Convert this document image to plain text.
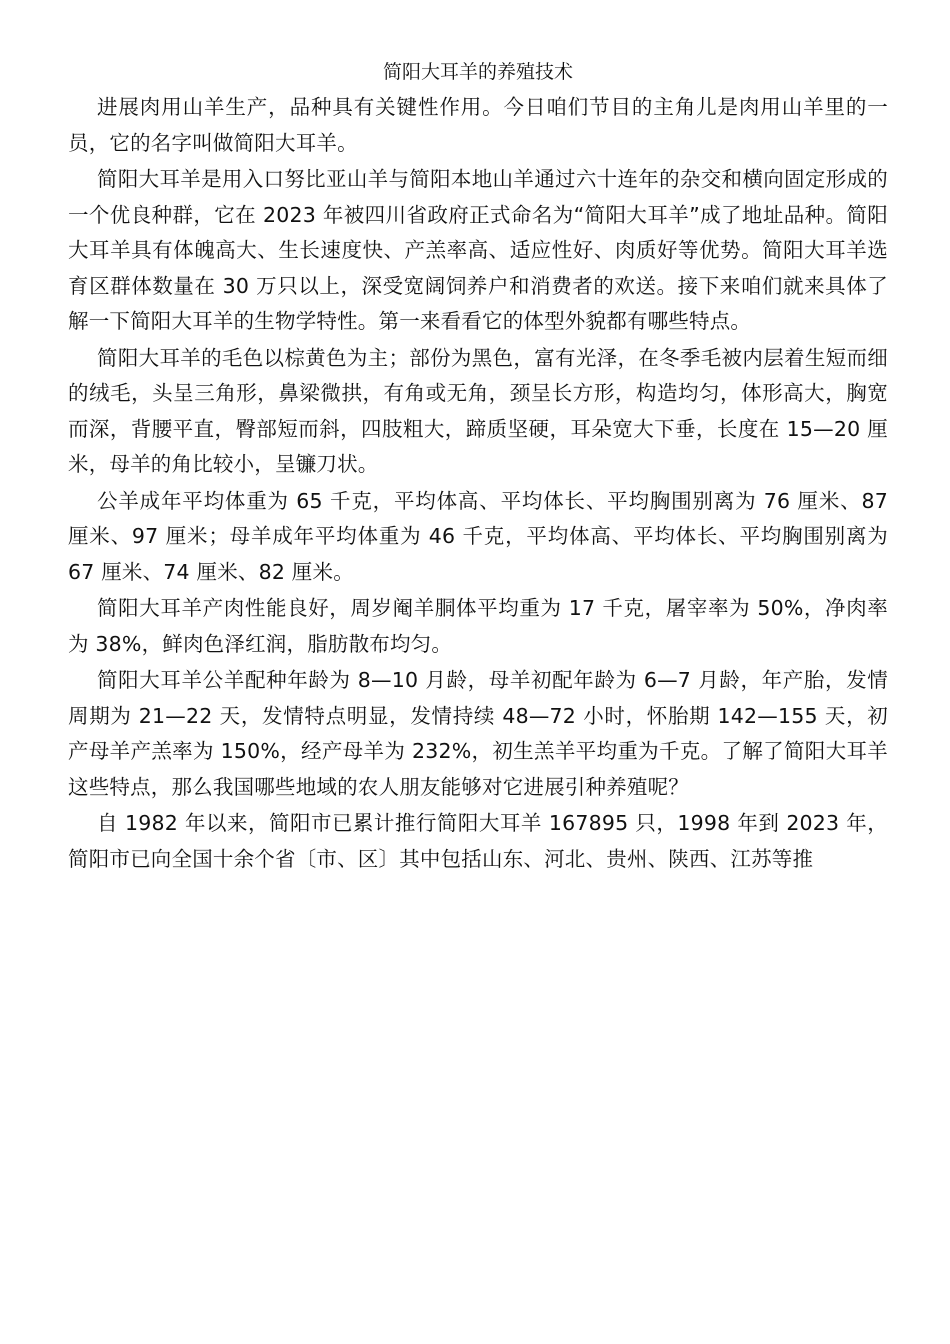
简阳大耳羊的养殖技术

进展肉用山羊生产，品种具有关键性作用。今日咱们节目的主角儿是肉用山羊里的一员，它的名字叫做简阳大耳羊。

简阳大耳羊是用入口努比亚山羊与简阳本地山羊通过六十连年的杂交和横向固定形成的一个优良种群，它在 2023 年被四川省政府正式命名为“简阳大耳羊”成了地址品种。简阳大耳羊具有体魄高大、生长速度快、产羔率高、适应性好、肉质好等优势。简阳大耳羊选育区群体数量在 30 万只以上，深受宽阔饲养户和消费者的欢送。接下来咱们就来具体了解一下简阳大耳羊的生物学特性。第一来看看它的体型外貌都有哪些特点。

简阳大耳羊的毛色以棕黄色为主；部份为黑色，富有光泽，在冬季毛被内层着生短而细的绒毛，头呈三角形，鼻梁微拱，有角或无角，颈呈长方形，构造均匀，体形高大，胸宽而深，背腰平直，臀部短而斜，四肢粗大，蹄质坚硬，耳朵宽大下垂，长度在 15—20 厘米，母羊的角比较小，呈镰刀状。

公羊成年平均体重为 65 千克，平均体高、平均体长、平均胸围别离为 76 厘米、87 厘米、97 厘米；母羊成年平均体重为 46 千克，平均体高、平均体长、平均胸围别离为 67 厘米、74 厘米、82 厘米。

简阳大耳羊产肉性能良好，周岁阉羊胴体平均重为 17 千克，屠宰率为 50%，净肉率为 38%，鲜肉色泽红润，脂肪散布均匀。

简阳大耳羊公羊配种年龄为 8—10 月龄，母羊初配年龄为 6—7 月龄，年产胎，发情周期为 21—22 天，发情特点明显，发情持续 48—72 小时，怀胎期 142—155 天，初产母羊产羔率为 150%，经产母羊为 232%，初生羔羊平均重为千克。了解了简阳大耳羊这些特点，那么我国哪些地域的农人朋友能够对它进展引种养殖呢？

自 1982 年以来，简阳市已累计推行简阳大耳羊 167895 只，1998 年到 2023 年，简阳市已向全国十余个省〔市、区〕其中包括山东、河北、贵州、陕西、江苏等推
